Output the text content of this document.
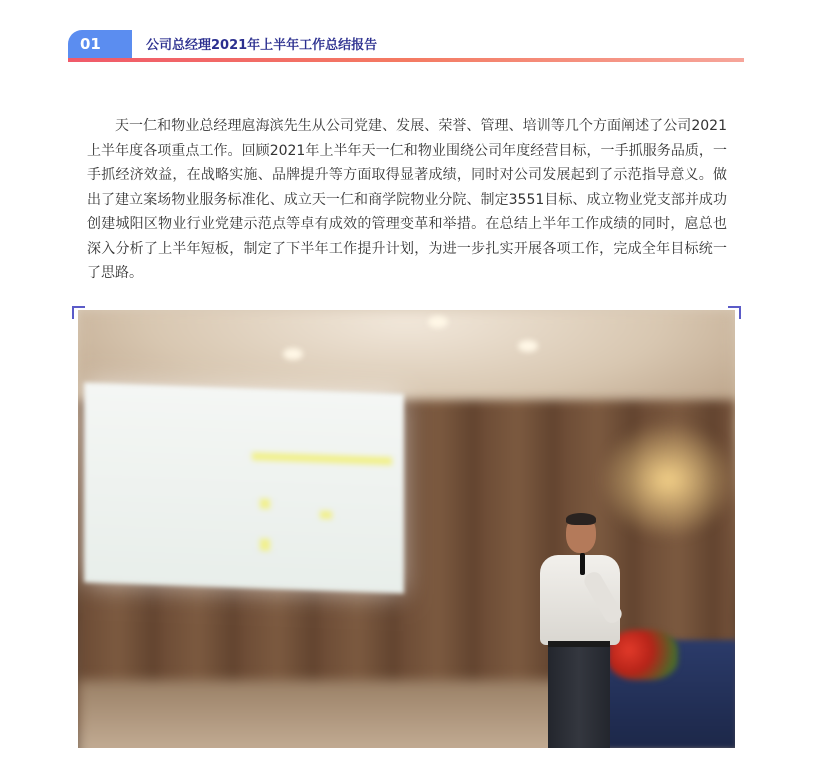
01	公司总经理2021年上半年工作总结报告

天一仁和物业总经理扈海滨先生从公司党建、发展、荣誉、管理、培训等几个方面阐述了公司2021上半年度各项重点工作。回顾2021年上半年天一仁和物业围绕公司年度经营目标，一手抓服务品质，一手抓经济效益，在战略实施、品牌提升等方面取得显著成绩，同时对公司发展起到了示范指导意义。做出了建立案场物业服务标准化、成立天一仁和商学院物业分院、制定3551目标、成立物业党支部并成功创建城阳区物业行业党建示范点等卓有成效的管理变革和举措。在总结上半年工作成绩的同时，扈总也深入分析了上半年短板，制定了下半年工作提升计划，为进一步扎实开展各项工作，完成全年目标统一了思路。
